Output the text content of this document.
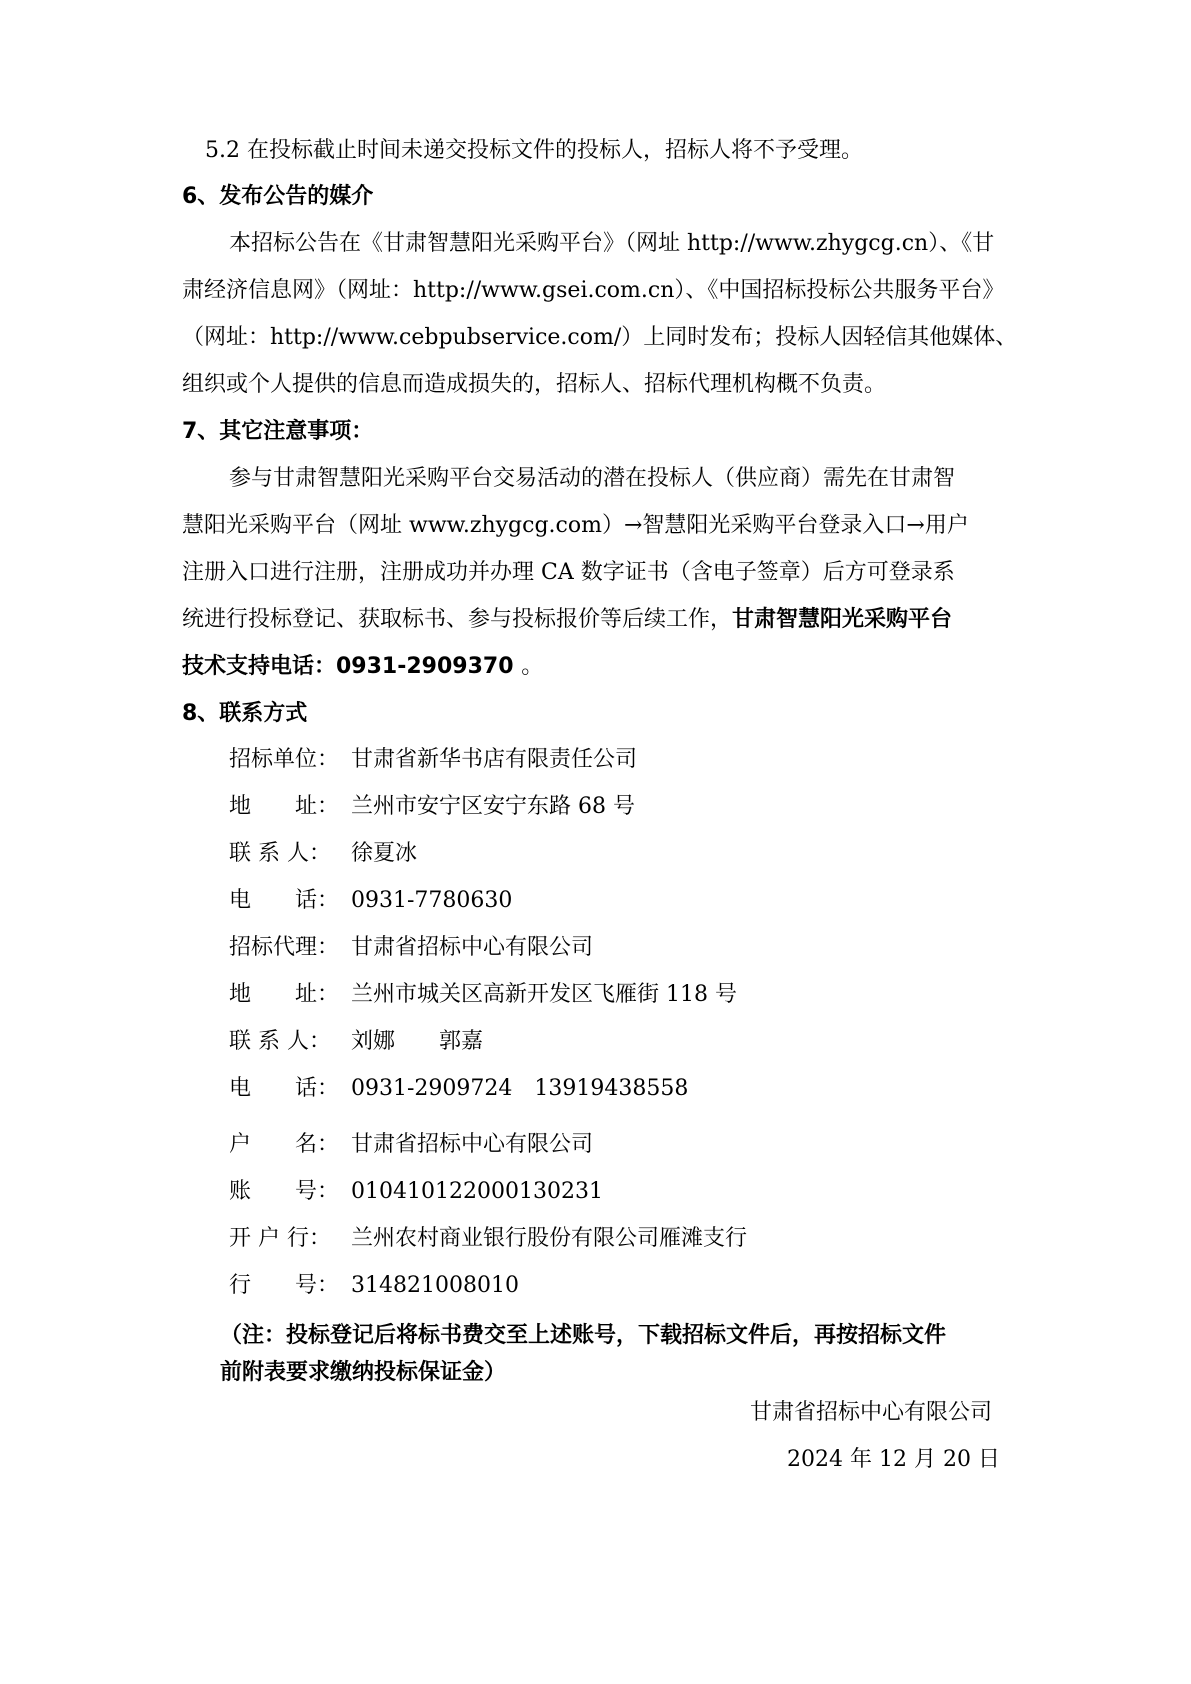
5.2 在投标截止时间未递交投标文件的投标人，招标人将不予受理。
6、发布公告的媒介
本招标公告在《甘肃智慧阳光采购平台》（网址 http://www.zhygcg.cn）、《甘
肃经济信息网》（网址：http://www.gsei.com.cn）、《中国招标投标公共服务平台》
（网址：http://www.cebpubservice.com/）上同时发布；投标人因轻信其他媒体、
组织或个人提供的信息而造成损失的，招标人、招标代理机构概不负责。
7、其它注意事项：
参与甘肃智慧阳光采购平台交易活动的潜在投标人（供应商）需先在甘肃智
慧阳光采购平台（网址 www.zhygcg.com）→智慧阳光采购平台登录入口→用户
注册入口进行注册，注册成功并办理 CA 数字证书（含电子签章）后方可登录系
统进行投标登记、获取标书、参与投标报价等后续工作，甘肃智慧阳光采购平台
技术支持电话：0931-2909370 。
8、联系方式
招标单位： 甘肃省新华书店有限责任公司
地　　址： 兰州市安宁区安宁东路 68 号
联 系 人： 徐夏冰
电　　话： 0931-7780630
招标代理： 甘肃省招标中心有限公司
地　　址： 兰州市城关区高新开发区飞雁街 118 号
联 系 人： 刘娜　　郭嘉
电　　话： 0931-2909724　13919438558
户　　名： 甘肃省招标中心有限公司
账　　号： 010410122000130231
开 户 行： 兰州农村商业银行股份有限公司雁滩支行
行　　号： 314821008010
（注：投标登记后将标书费交至上述账号，下载招标文件后，再按招标文件
前附表要求缴纳投标保证金）
甘肃省招标中心有限公司
2024 年 12 月 20 日
